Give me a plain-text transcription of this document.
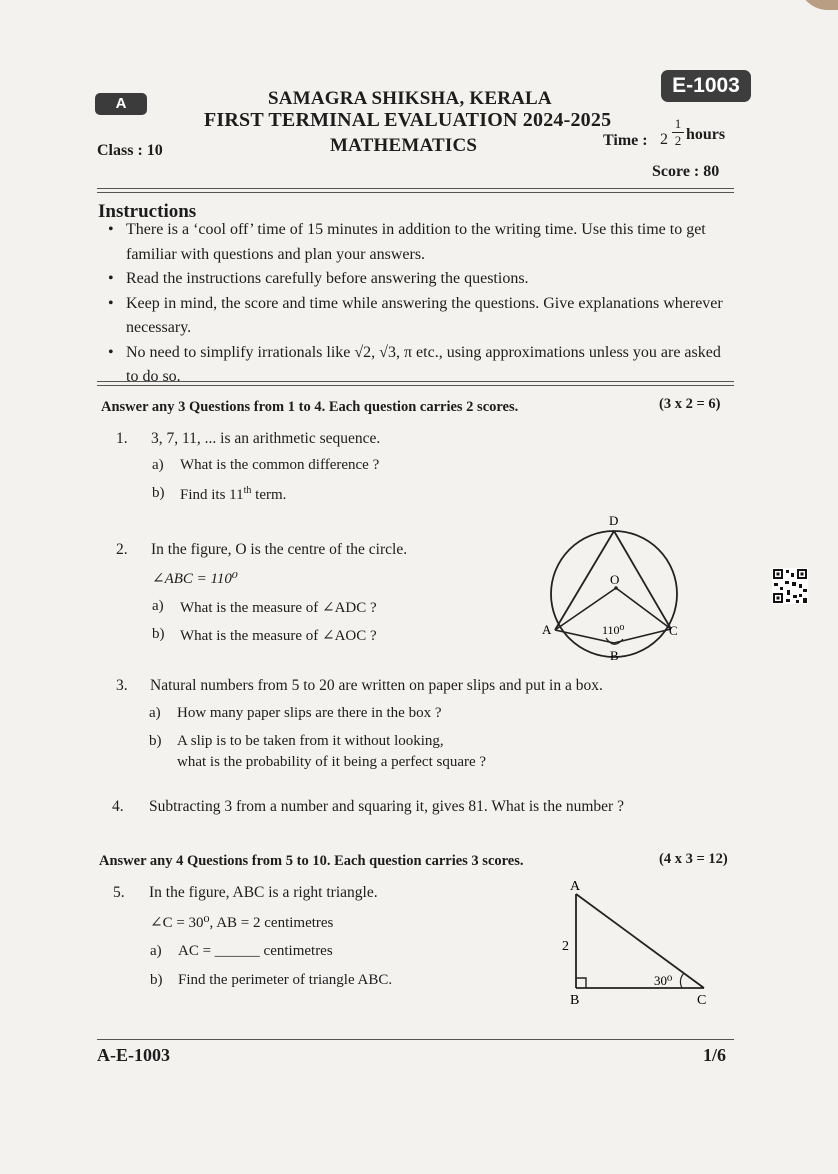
A
E-1003
SAMAGRA SHIKSHA, KERALA
FIRST TERMINAL EVALUATION 2024-2025
MATHEMATICS
Class : 10
Time : 2
1
2 hours
Score : 80
Instructions
• There is a ‘cool off’ time of 15 minutes in addition to the writing time. Use this time to get familiar with questions and plan your answers.
• Read the instructions carefully before answering the questions.
• Keep in mind, the score and time while answering the questions. Give explanations wherever necessary.
• No need to simplify irrationals like √2, √3, π etc., using approximations unless you are asked to do so.
Answer any 3 Questions from 1 to 4. Each question carries 2 scores.	(3 x 2 = 6)
1. 3, 7, 11, ... is an arithmetic sequence.
a) What is the common difference ?
b) Find its 11th term.
2. In the figure, O is the centre of the circle.
∠ABC = 110⁰
a) What is the measure of ∠ADC ?
b) What is the measure of ∠AOC ?
D
O
A
B
C
110⁰
3. Natural numbers from 5 to 20 are written on paper slips and put in a box.
a) How many paper slips are there in the box ?
b) A slip is to be taken from it without looking,
what is the probability of it being a perfect square ?
4. Subtracting 3 from a number and squaring it, gives 81. What is the number ?
Answer any 4 Questions from 5 to 10. Each question carries 3 scores.	(4 x 3 = 12)
5. In the figure, ABC is a right triangle.
∠C = 30⁰, AB = 2 centimetres
a) AC = ______ centimetres
b) Find the perimeter of triangle ABC.
A
B	C
2
30⁰
A-E-1003	1/6
